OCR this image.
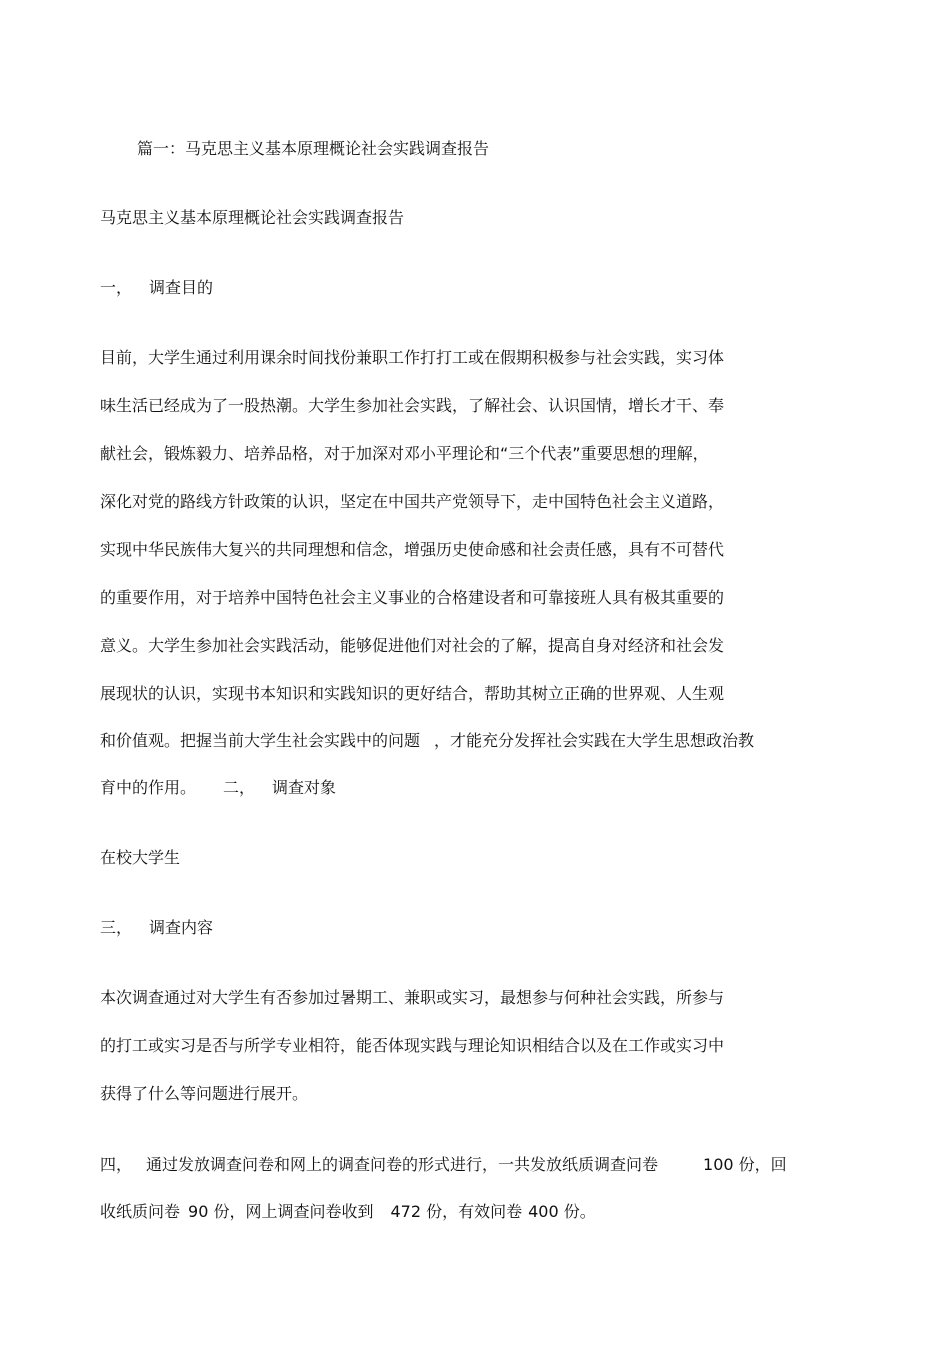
篇一：马克思主义基本原理概论社会实践调查报告
马克思主义基本原理概论社会实践调查报告
一， 调查目的
目前，大学生通过利用课余时间找份兼职工作打打工或在假期积极参与社会实践，实习体
味生活已经成为了一股热潮。大学生参加社会实践，了解社会、认识国情，增长才干、奉
献社会，锻炼毅力、培养品格，对于加深对邓小平理论和“三个代表”重要思想的理解，
深化对党的路线方针政策的认识，坚定在中国共产党领导下，走中国特色社会主义道路，
实现中华民族伟大复兴的共同理想和信念，增强历史使命感和社会责任感，具有不可替代
的重要作用，对于培养中国特色社会主义事业的合格建设者和可靠接班人具有极其重要的
意义。大学生参加社会实践活动，能够促进他们对社会的了解，提高自身对经济和社会发
展现状的认识，实现书本知识和实践知识的更好结合，帮助其树立正确的世界观、人生观
和价值观。把握当前大学生社会实践中的问题 ，才能充分发挥社会实践在大学生思想政治教
育中的作用。 二， 调查对象
在校大学生
三， 调查内容
本次调查通过对大学生有否参加过暑期工、兼职或实习，最想参与何种社会实践，所参与
的打工或实习是否与所学专业相符，能否体现实践与理论知识相结合以及在工作或实习中
获得了什么等问题进行展开。
四， 通过发放调查问卷和网上的调查问卷的形式进行，一共发放纸质调查问卷	100 份，回
收纸质问卷 90 份，网上调查问卷收到 472 份，有效问卷 400 份。
